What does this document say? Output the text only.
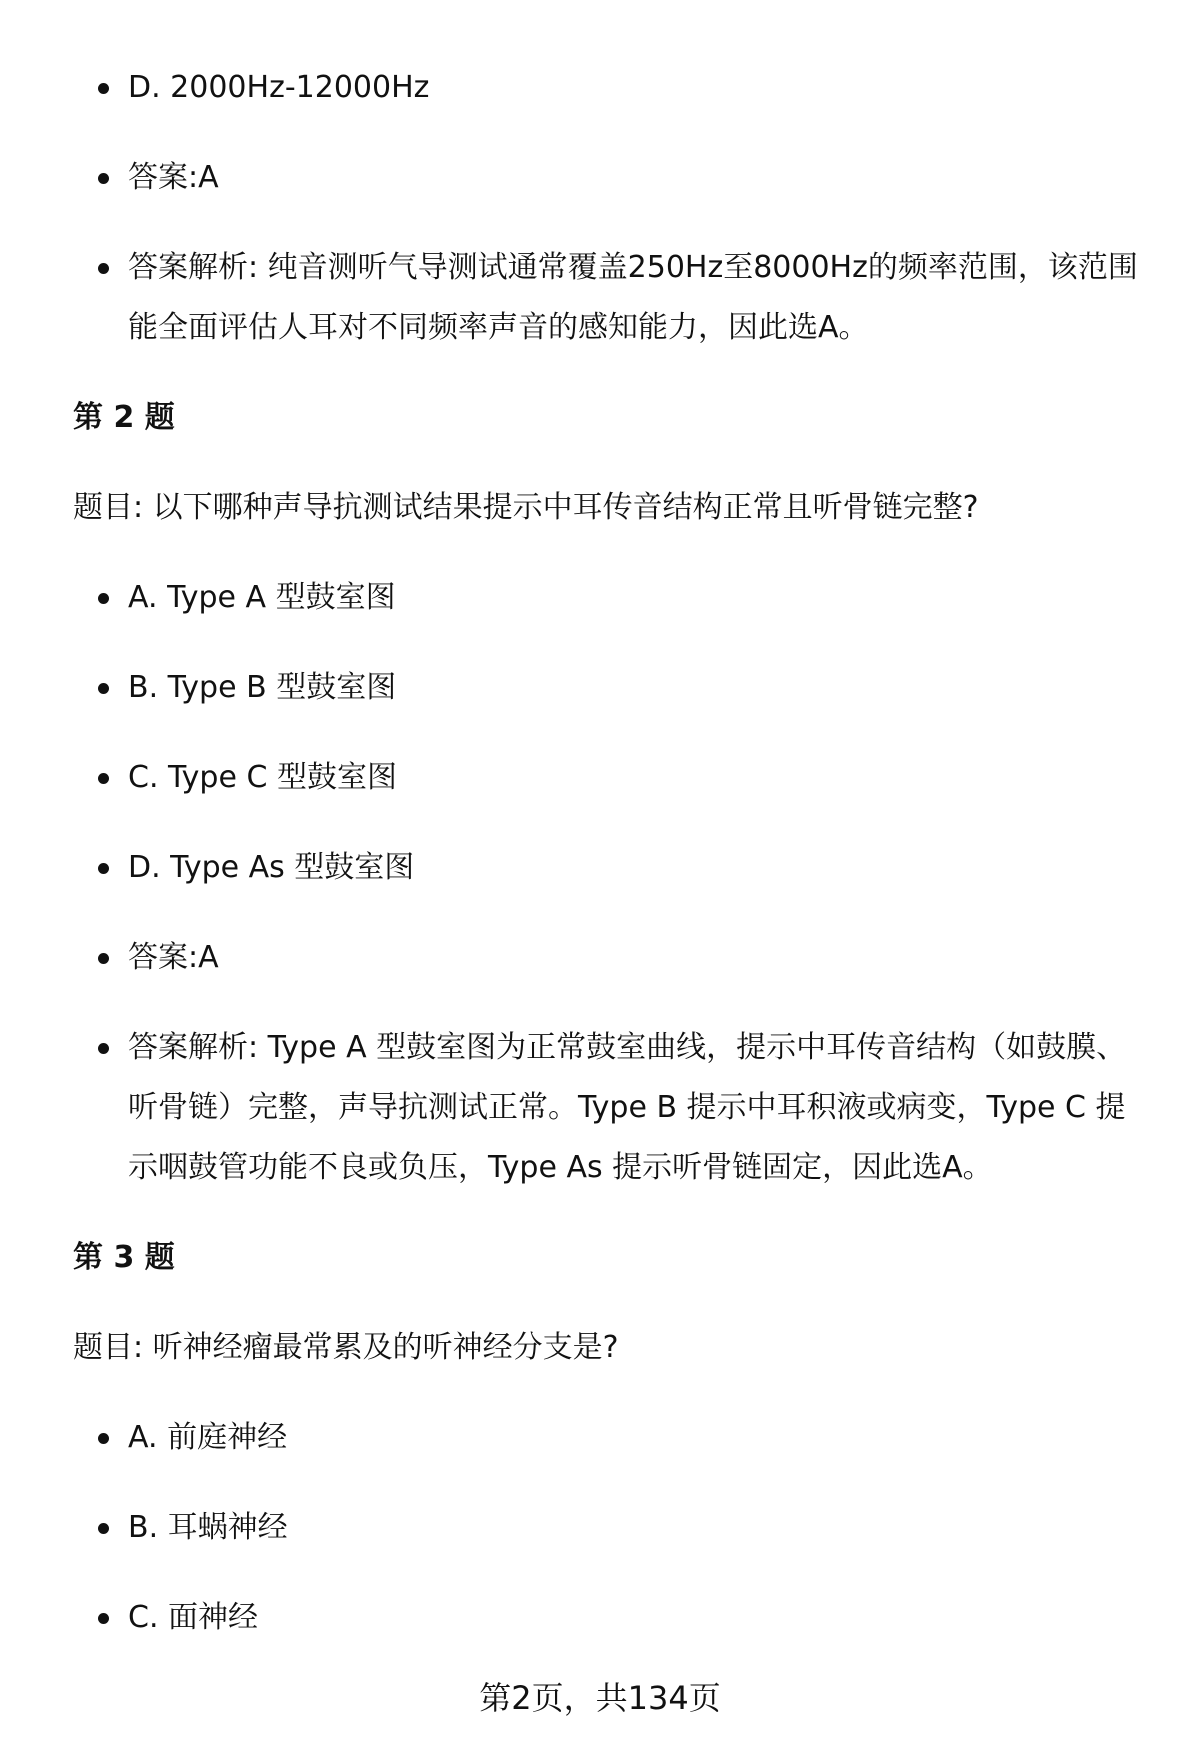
D. 2000Hz-12000Hz
答案:A
答案解析: 纯音测听气导测试通常覆盖250Hz至8000Hz的频率范围，该范围能全面评估人耳对不同频率声音的感知能力，因此选A。

第 2 题

题目: 以下哪种声导抗测试结果提示中耳传音结构正常且听骨链完整?

A. Type A 型鼓室图
B. Type B 型鼓室图
C. Type C 型鼓室图
D. Type As 型鼓室图
答案:A
答案解析: Type A 型鼓室图为正常鼓室曲线，提示中耳传音结构（如鼓膜、听骨链）完整，声导抗测试正常。Type B 提示中耳积液或病变，Type C 提示咽鼓管功能不良或负压，Type As 提示听骨链固定，因此选A。

第 3 题

题目: 听神经瘤最常累及的听神经分支是?

A. 前庭神经
B. 耳蜗神经
C. 面神经
第2页，共134页
